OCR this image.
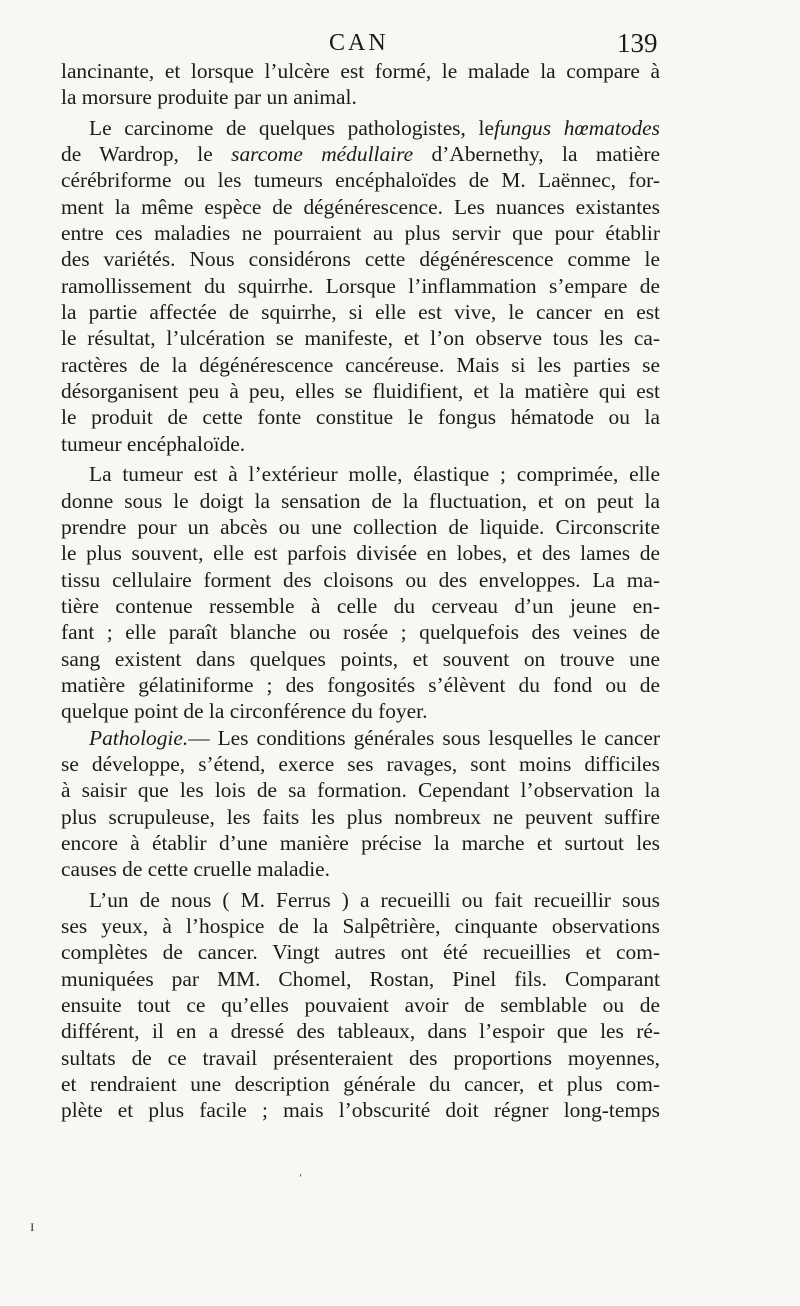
CAN	139
lancinante, et lorsque l’ulcère est formé, le malade la compare à
la morsure produite par un animal.
Le carcinome de quelques pathologistes, lefungus hœmatodes
de Wardrop, le sarcome médullaire d’Abernethy, la matière
cérébriforme ou les tumeurs encéphaloïdes de M. Laënnec, for-
ment la même espèce de dégénérescence. Les nuances existantes
entre ces maladies ne pourraient au plus servir que pour établir
des variétés. Nous considérons cette dégénérescence comme le
ramollissement du squirrhe. Lorsque l’inflammation s’empare de
la partie affectée de squirrhe, si elle est vive, le cancer en est
le résultat, l’ulcération se manifeste, et l’on observe tous les ca-
ractères de la dégénérescence cancéreuse. Mais si les parties se
désorganisent peu à peu, elles se fluidifient, et la matière qui est
le produit de cette fonte constitue le fongus hématode ou la
tumeur encéphaloïde.
La tumeur est à l’extérieur molle, élastique ; comprimée, elle
donne sous le doigt la sensation de la fluctuation, et on peut la
prendre pour un abcès ou une collection de liquide. Circonscrite
le plus souvent, elle est parfois divisée en lobes, et des lames de
tissu cellulaire forment des cloisons ou des enveloppes. La ma-
tière contenue ressemble à celle du cerveau d’un jeune en-
fant ; elle paraît blanche ou rosée ; quelquefois des veines de
sang existent dans quelques points, et souvent on trouve une
matière gélatiniforme ; des fongosités s’élèvent du fond ou de
quelque point de la circonférence du foyer.
Pathologie.— Les conditions générales sous lesquelles le cancer
se développe, s’étend, exerce ses ravages, sont moins difficiles
à saisir que les lois de sa formation. Cependant l’observation la
plus scrupuleuse, les faits les plus nombreux ne peuvent suffire
encore à établir d’une manière précise la marche et surtout les
causes de cette cruelle maladie.
L’un de nous ( M. Ferrus ) a recueilli ou fait recueillir sous
ses yeux, à l’hospice de la Salpêtrière, cinquante observations
complètes de cancer. Vingt autres ont été recueillies et com-
muniquées par MM. Chomel, Rostan, Pinel fils. Comparant
ensuite tout ce qu’elles pouvaient avoir de semblable ou de
différent, il en a dressé des tableaux, dans l’espoir que les ré-
sultats de ce travail présenteraient des proportions moyennes,
et rendraient une description générale du cancer, et plus com-
plète et plus facile ; mais l’obscurité doit régner long-temps
ˌ
ɪ
